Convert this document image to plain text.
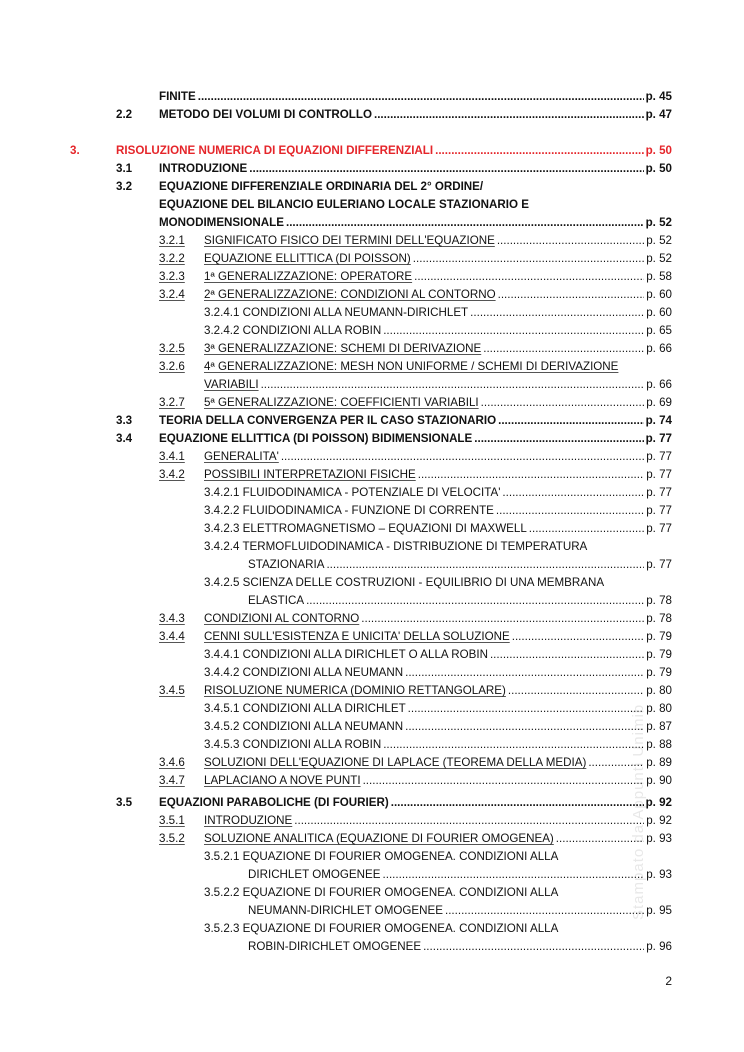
FINITE .....	p. 45
2.2 METODO DEI VOLUMI DI CONTROLLO .....	p. 47
3.	RISOLUZIONE NUMERICA DI EQUAZIONI DIFFERENZIALI .....	p. 50
3.1 INTRODUZIONE .....	p. 50
3.2 EQUAZIONE DIFFERENZIALE ORDINARIA DEL 2° ORDINE/
EQUAZIONE DEL BILANCIO EULERIANO LOCALE STAZIONARIO E
MONODIMENSIONALE .....	p. 52
3.2.1 SIGNIFICATO FISICO DEI TERMINI DELL'EQUAZIONE .....	p. 52
3.2.2 EQUAZIONE ELLITTICA (DI POISSON) .....	p. 52
3.2.3 1ª GENERALIZZAZIONE: OPERATORE .....	p. 58
3.2.4 2ª GENERALIZZAZIONE: CONDIZIONI AL CONTORNO .....	p. 60
3.2.4.1 CONDIZIONI ALLA NEUMANN-DIRICHLET .....	p. 60
3.2.4.2 CONDIZIONI ALLA ROBIN .....	p. 65
3.2.5 3ª GENERALIZZAZIONE: SCHEMI DI DERIVAZIONE .....	p. 66
3.2.6 4ª GENERALIZZAZIONE: MESH NON UNIFORME / SCHEMI DI DERIVAZIONE
VARIABILI .....	p. 66
3.2.7 5ª GENERALIZZAZIONE: COEFFICIENTI VARIABILI .....	p. 69
3.3 TEORIA DELLA CONVERGENZA PER IL CASO STAZIONARIO .....	p. 74
3.4 EQUAZIONE ELLITTICA (DI POISSON) BIDIMENSIONALE .....	p. 77
3.4.1 GENERALITA' .....	p. 77
3.4.2 POSSIBILI INTERPRETAZIONI FISICHE .....	p. 77
3.4.2.1 FLUIDODINAMICA - POTENZIALE DI VELOCITA' .....	p. 77
3.4.2.2 FLUIDODINAMICA - FUNZIONE DI CORRENTE .....	p. 77
3.4.2.3 ELETTROMAGNETISMO – EQUAZIONI DI MAXWELL .....	p. 77
3.4.2.4 TERMOFLUIDODINAMICA - DISTRIBUZIONE DI TEMPERATURA
STAZIONARIA .....	p. 77
3.4.2.5 SCIENZA DELLE COSTRUZIONI - EQUILIBRIO DI UNA MEMBRANA
ELASTICA .....	p. 78
3.4.3 CONDIZIONI AL CONTORNO .....	p. 78
3.4.4 CENNI SULL'ESISTENZA E UNICITA' DELLA SOLUZIONE .....	p. 79
3.4.4.1 CONDIZIONI ALLA DIRICHLET O ALLA ROBIN .....	p. 79
3.4.4.2 CONDIZIONI ALLA NEUMANN .....	p. 79
3.4.5 RISOLUZIONE NUMERICA (DOMINIO RETTANGOLARE) .....	p. 80
3.4.5.1 CONDIZIONI ALLA DIRICHLET .....	p. 80
3.4.5.2 CONDIZIONI ALLA NEUMANN .....	p. 87
3.4.5.3 CONDIZIONI ALLA ROBIN .....	p. 88
3.4.6 SOLUZIONI DELL'EQUAZIONE DI LAPLACE (TEOREMA DELLA MEDIA) .....	p. 89
3.4.7 LAPLACIANO A NOVE PUNTI .....	p. 90
3.5 EQUAZIONI PARABOLICHE (DI FOURIER) .....	p. 92
3.5.1 INTRODUZIONE .....	p. 92
3.5.2 SOLUZIONE ANALITICA (EQUAZIONE DI FOURIER OMOGENEA) .....	p. 93
3.5.2.1 EQUAZIONE DI FOURIER OMOGENEA. CONDIZIONI ALLA
DIRICHLET OMOGENEE .....	p. 93
3.5.2.2 EQUAZIONE DI FOURIER OMOGENEA. CONDIZIONI ALLA
NEUMANN-DIRICHLET OMOGENEE .....	p. 95
3.5.2.3 EQUAZIONE DI FOURIER OMOGENEA. CONDIZIONI ALLA
ROBIN-DIRICHLET OMOGENEE .....	p. 96
2
Stampato da Appunti Unimib
